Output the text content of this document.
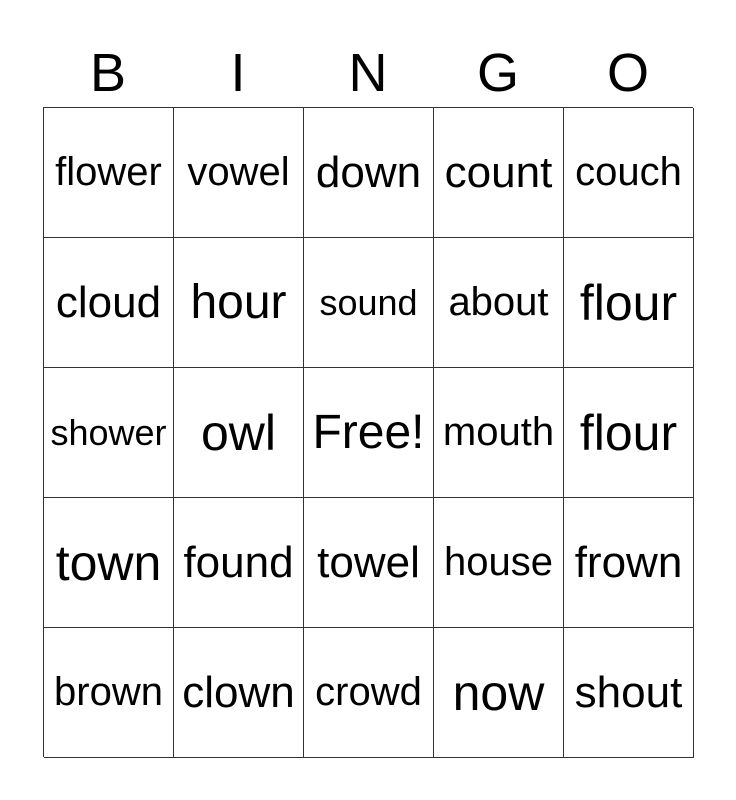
B	I	N	G	O
flower vowel down count couch
cloud hour sound about flour
shower owl Free! mouth flour
town found towel house frown
brown clown crowd now shout
